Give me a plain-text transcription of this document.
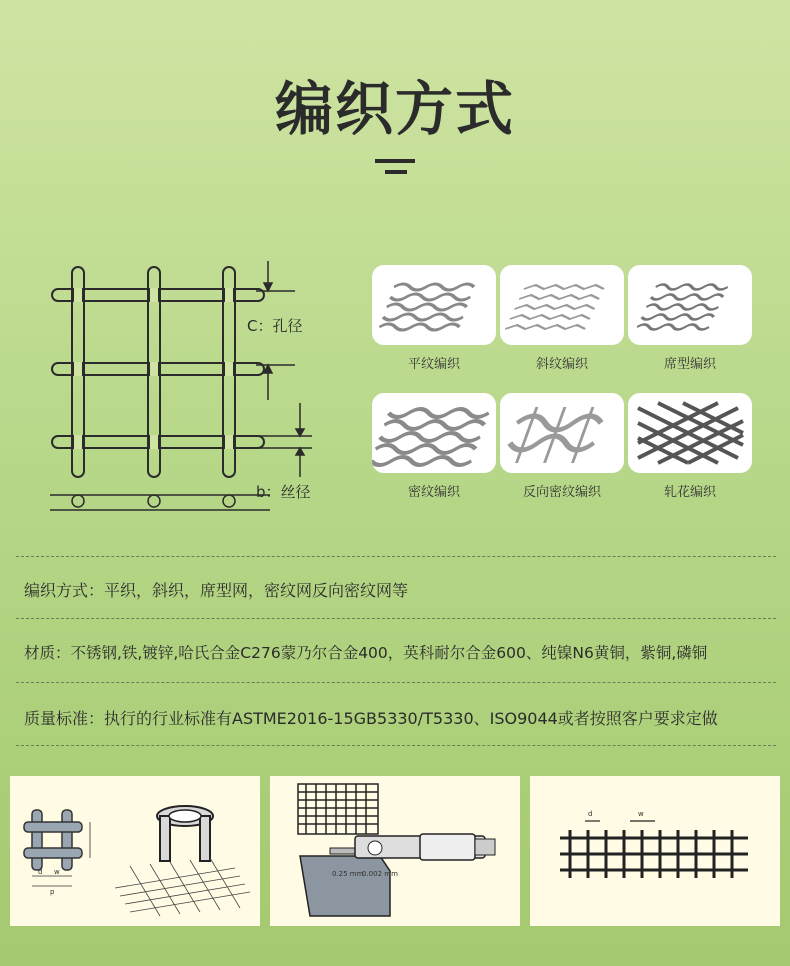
编织方式
C：孔径
b：丝径
平纹编织	斜纹编织	席型编织
密纹编织	反向密纹编织	轧花编织
编织方式：平织，斜织，席型网，密纹网反向密纹网等
材质：不锈钢,铁,镀锌,哈氏合金C276蒙乃尔合金400，英科耐尔合金600、纯镍N6黄铜，紫铜,磷铜
质量标准：执行的行业标准有ASTME2016-15GB5330/T5330、ISO9044或者按照客户要求定做
d w
p
0.25 mm
0.002 mm
d	w
